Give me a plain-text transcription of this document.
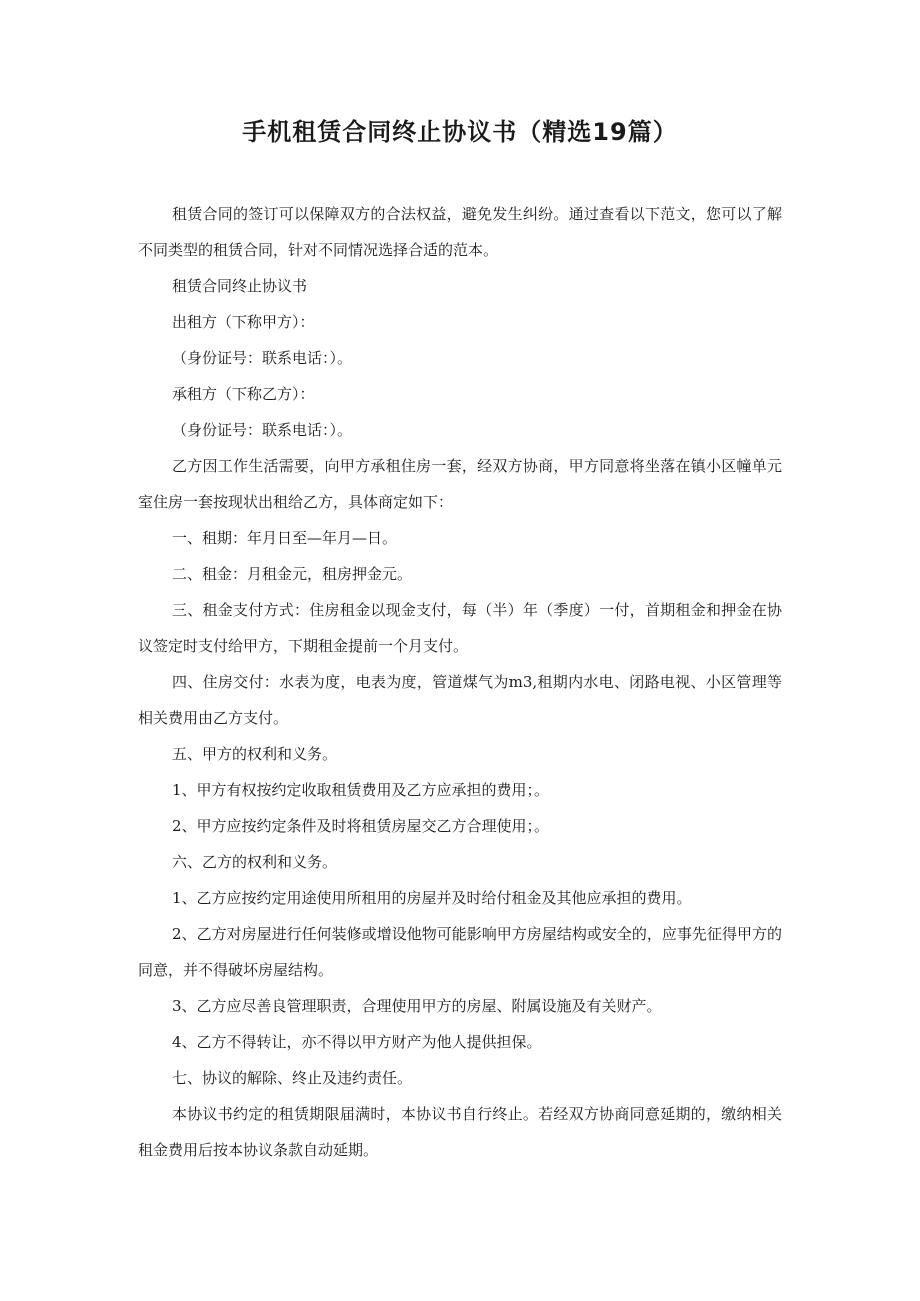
手机租赁合同终止协议书（精选19篇）

租赁合同的签订可以保障双方的合法权益，避免发生纠纷。通过查看以下范文，您可以了解不同类型的租赁合同，针对不同情况选择合适的范本。

租赁合同终止协议书

出租方（下称甲方）：

（身份证号：联系电话：）。

承租方（下称乙方）：

（身份证号：联系电话：）。

乙方因工作生活需要，向甲方承租住房一套，经双方协商，甲方同意将坐落在镇小区幢单元室住房一套按现状出租给乙方，具体商定如下：

一、租期：年月日至—年月—日。

二、租金：月租金元，租房押金元。

三、租金支付方式：住房租金以现金支付，每（半）年（季度）一付，首期租金和押金在协议签定时支付给甲方，下期租金提前一个月支付。

四、住房交付：水表为度，电表为度，管道煤气为m3,租期内水电、闭路电视、小区管理等相关费用由乙方支付。

五、甲方的权利和义务。

1、甲方有权按约定收取租赁费用及乙方应承担的费用；。

2、甲方应按约定条件及时将租赁房屋交乙方合理使用；。

六、乙方的权利和义务。

1、乙方应按约定用途使用所租用的房屋并及时给付租金及其他应承担的费用。

2、乙方对房屋进行任何装修或增设他物可能影响甲方房屋结构或安全的，应事先征得甲方的同意，并不得破坏房屋结构。

3、乙方应尽善良管理职责，合理使用甲方的房屋、附属设施及有关财产。

4、乙方不得转让，亦不得以甲方财产为他人提供担保。

七、协议的解除、终止及违约责任。

本协议书约定的租赁期限届满时，本协议书自行终止。若经双方协商同意延期的，缴纳相关租金费用后按本协议条款自动延期。
